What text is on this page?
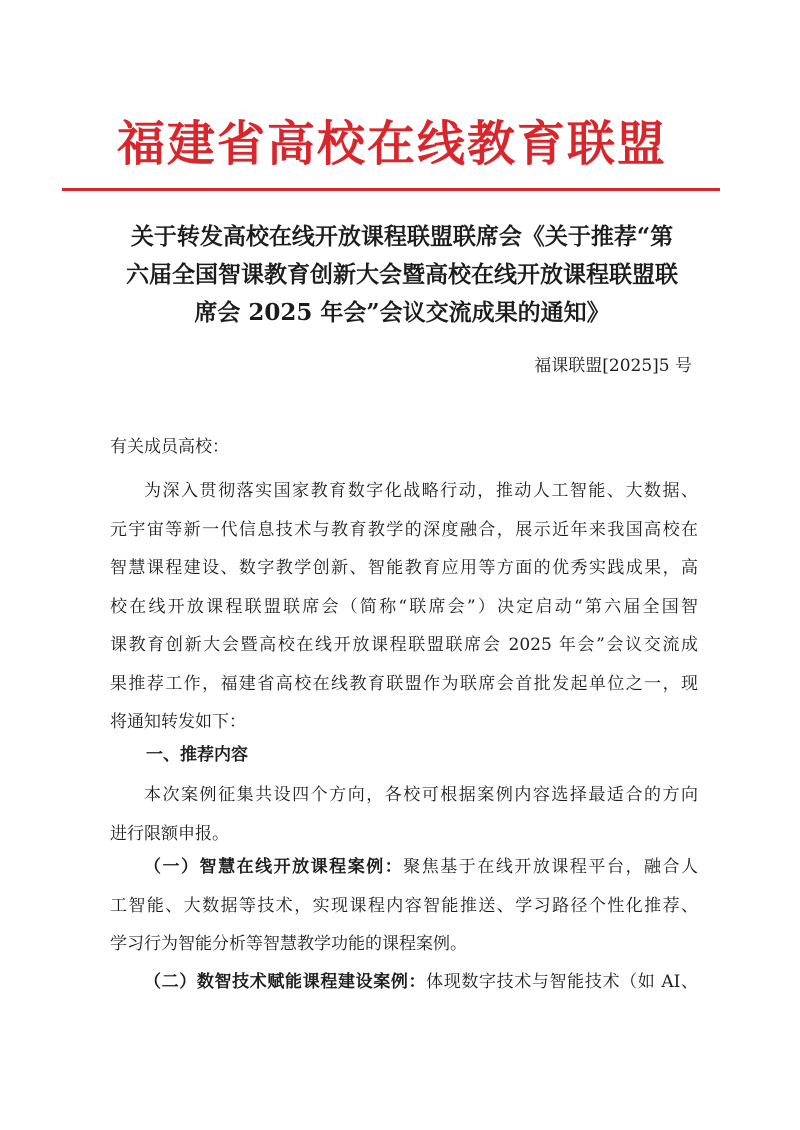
福建省高校在线教育联盟
关于转发高校在线开放课程联盟联席会《关于推荐“第
六届全国智课教育创新大会暨高校在线开放课程联盟联
席会 2025 年会”会议交流成果的通知》
福课联盟[2025]5 号
有关成员高校：
为深入贯彻落实国家教育数字化战略行动，推动人工智能、大数据、
元宇宙等新一代信息技术与教育教学的深度融合，展示近年来我国高校在
智慧课程建设、数字教学创新、智能教育应用等方面的优秀实践成果，高
校在线开放课程联盟联席会（简称“联席会”）决定启动“第六届全国智
课教育创新大会暨高校在线开放课程联盟联席会 2025 年会”会议交流成
果推荐工作，福建省高校在线教育联盟作为联席会首批发起单位之一，现
将通知转发如下：
一、推荐内容
本次案例征集共设四个方向，各校可根据案例内容选择最适合的方向
进行限额申报。
（一）智慧在线开放课程案例：聚焦基于在线开放课程平台，融合人
工智能、大数据等技术，实现课程内容智能推送、学习路径个性化推荐、
学习行为智能分析等智慧教学功能的课程案例。
（二）数智技术赋能课程建设案例：体现数字技术与智能技术（如 AI、
